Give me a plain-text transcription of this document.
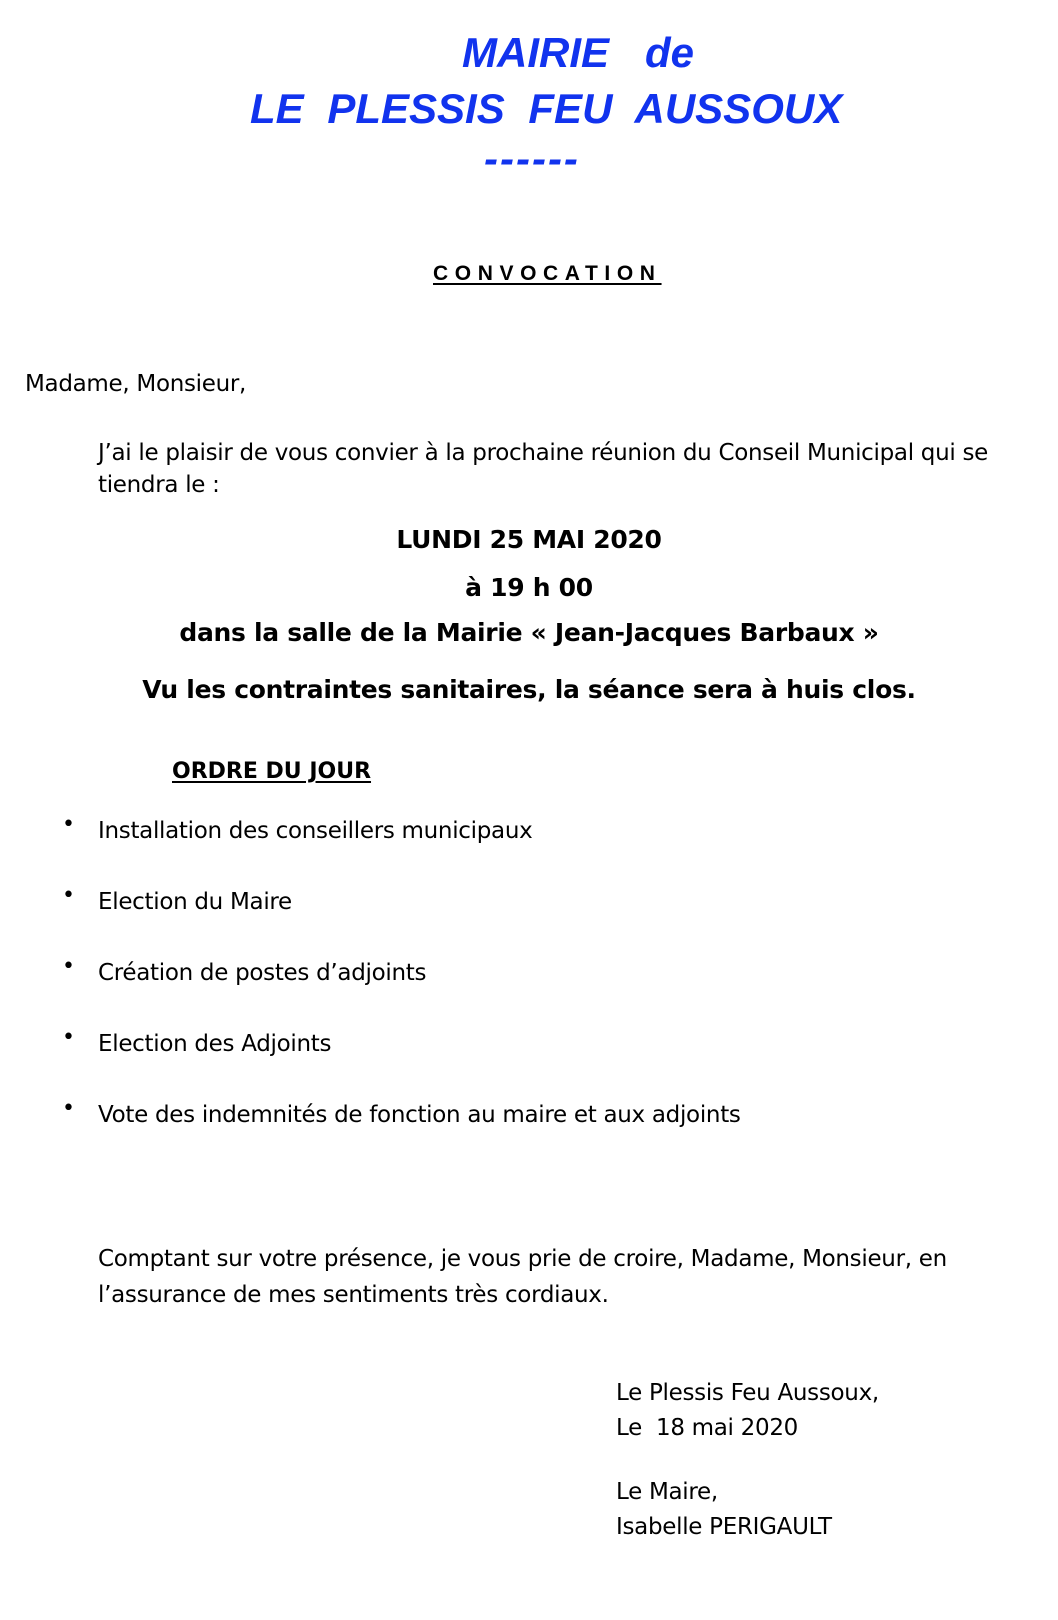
MAIRIE de
LE PLESSIS FEU AUSSOUX
------
CONVOCATION
Madame, Monsieur,
J’ai le plaisir de vous convier à la prochaine réunion du Conseil Municipal qui se
tiendra le :
LUNDI 25 MAI 2020
à 19 h 00
dans la salle de la Mairie « Jean-Jacques Barbaux »
Vu les contraintes sanitaires, la séance sera à huis clos.
ORDRE DU JOUR
• Installation des conseillers municipaux
• Election du Maire
• Création de postes d’adjoints
• Election des Adjoints
• Vote des indemnités de fonction au maire et aux adjoints
Comptant sur votre présence, je vous prie de croire, Madame, Monsieur, en
l’assurance de mes sentiments très cordiaux.
Le Plessis Feu Aussoux,
Le  18 mai 2020
Le Maire,
Isabelle PERIGAULT
